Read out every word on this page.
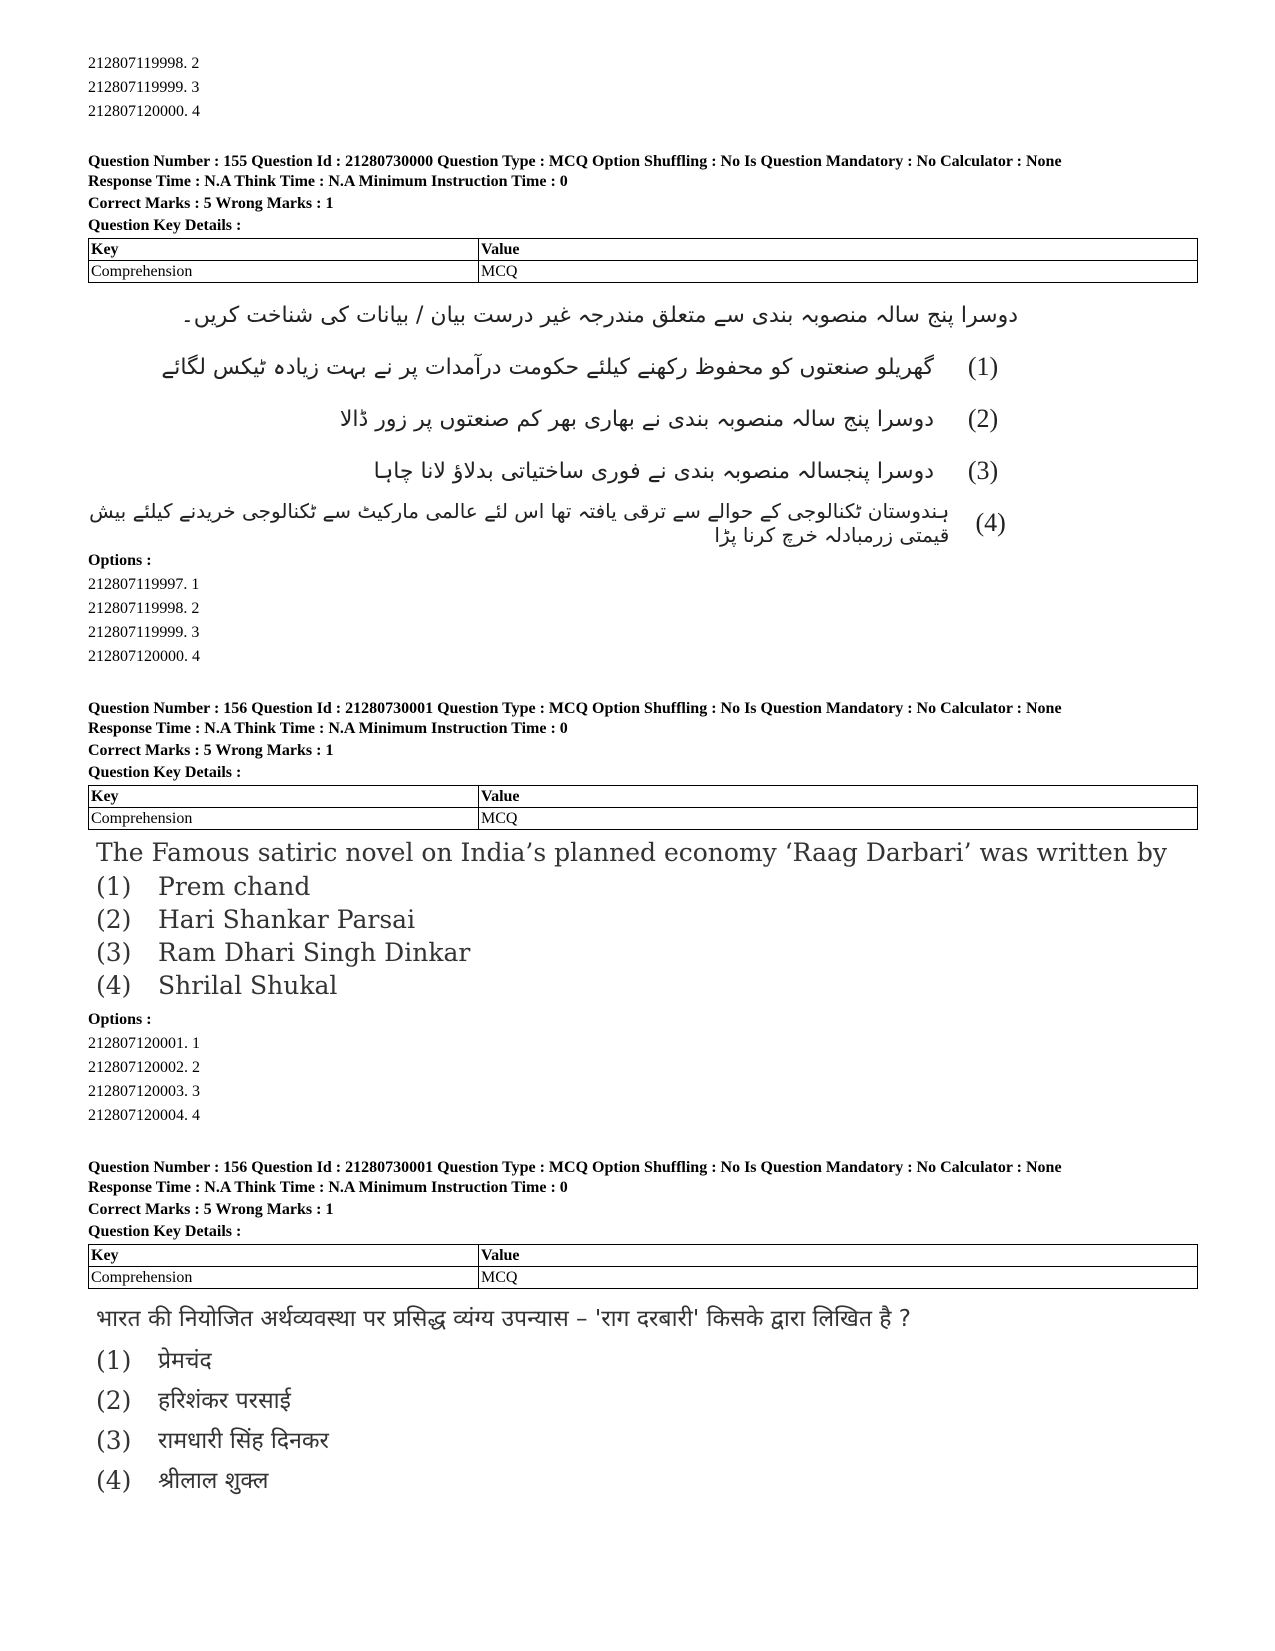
212807119998. 2
212807119999. 3
212807120000. 4
Question Number : 155 Question Id : 21280730000 Question Type : MCQ Option Shuffling : No Is Question Mandatory : No Calculator : None
Response Time : N.A Think Time : N.A Minimum Instruction Time : 0
Correct Marks : 5 Wrong Marks : 1
Question Key Details :
Key	Value
Comprehension	MCQ
دوسرا پنج سالہ منصوبہ بندی سے متعلق مندرجہ غیر درست بیان / بیانات کی شناخت کریں۔
(1)
گھریلو صنعتوں کو محفوظ رکھنے کیلئے حکومت درآمدات پر نے بہت زیادہ ٹیکس لگائے
(2)
دوسرا پنج سالہ منصوبہ بندی نے بھاری بھر کم صنعتوں پر زور ڈالا
(3)
دوسرا پنجسالہ منصوبہ بندی نے فوری ساختیاتی بدلاؤ لانا چاہا
(4)
ہندوستان ٹکنالوجی کے حوالے سے ترقی یافتہ تھا اس لئے عالمی مارکیٹ سے ٹکنالوجی خریدنے کیلئے بیش قیمتی زرمبادلہ خرچ کرنا پڑا
Options :
212807119997. 1
212807119998. 2
212807119999. 3
212807120000. 4
Question Number : 156 Question Id : 21280730001 Question Type : MCQ Option Shuffling : No Is Question Mandatory : No Calculator : None
Response Time : N.A Think Time : N.A Minimum Instruction Time : 0
Correct Marks : 5 Wrong Marks : 1
Question Key Details :
Key	Value
Comprehension	MCQ
The Famous satiric novel on India’s planned economy ‘Raag Darbari’ was written by
(1)	Prem chand
(2)	Hari Shankar Parsai
(3)	Ram Dhari Singh Dinkar
(4)	Shrilal Shukal
Options :
212807120001. 1
212807120002. 2
212807120003. 3
212807120004. 4
Question Number : 156 Question Id : 21280730001 Question Type : MCQ Option Shuffling : No Is Question Mandatory : No Calculator : None
Response Time : N.A Think Time : N.A Minimum Instruction Time : 0
Correct Marks : 5 Wrong Marks : 1
Question Key Details :
Key	Value
Comprehension	MCQ
भारत की नियोजित अर्थव्यवस्था पर प्रसिद्ध व्यंग्य उपन्यास – 'राग दरबारी' किसके द्वारा लिखित है ?
(1)	प्रेमचंद
(2)	हरिशंकर परसाई
(3)	रामधारी सिंह दिनकर
(4)	श्रीलाल शुक्ल
